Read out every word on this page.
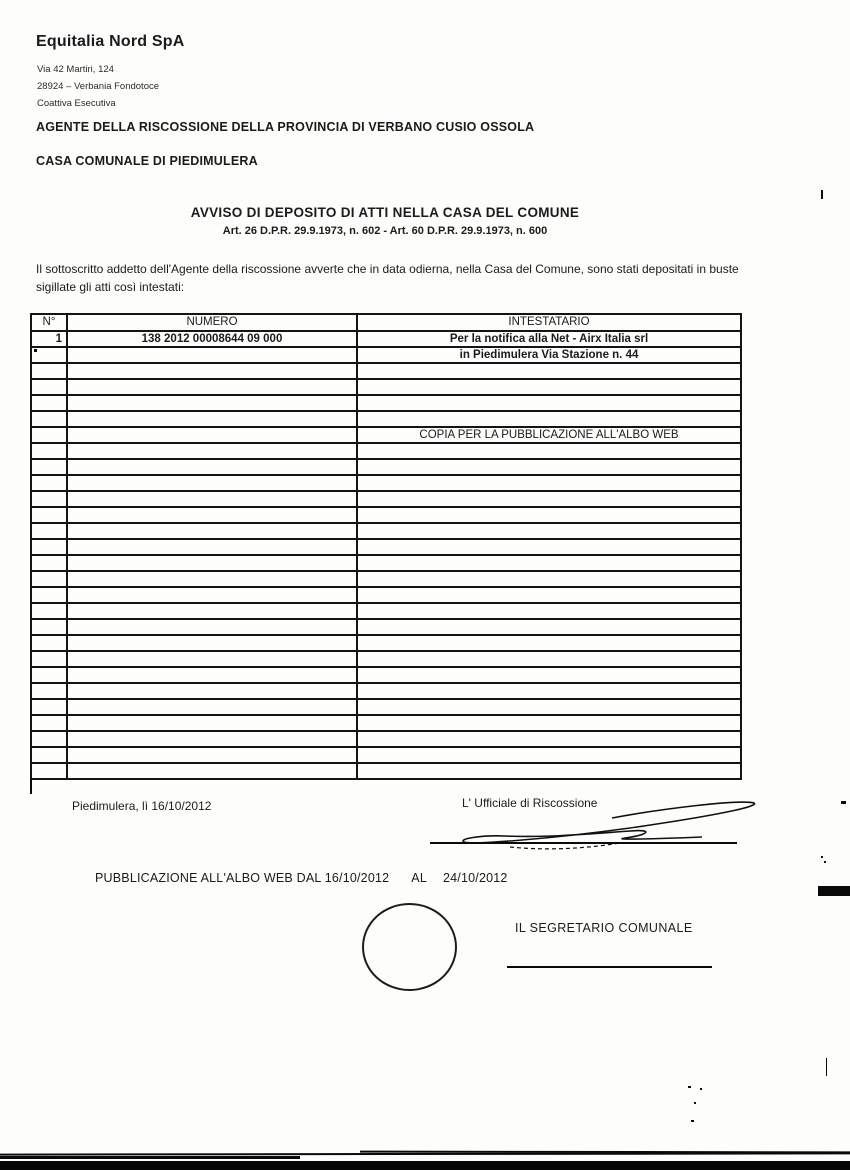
Equitalia Nord SpA
Via 42 Martiri, 124
28924 – Verbania Fondotoce
Coattiva Esecutiva
AGENTE DELLA RISCOSSIONE DELLA PROVINCIA DI VERBANO CUSIO OSSOLA
CASA COMUNALE DI PIEDIMULERA
AVVISO DI DEPOSITO DI ATTI NELLA CASA DEL COMUNE
Art. 26 D.P.R. 29.9.1973, n. 602 - Art. 60 D.P.R. 29.9.1973, n. 600
Il sottoscritto addetto dell'Agente della riscossione avverte che in data odierna, nella Casa del Comune, sono stati depositati in buste sigillate gli atti così intestati:
N°	NUMERO	INTESTATARIO
1	138 2012 00008644 09 000	Per la notifica alla Net - Airx Italia srl
		in Piedimulera Via Stazione n. 44

		COPIA PER LA PUBBLICAZIONE ALL'ALBO WEB

Piedimulera, lì 16/10/2012	L' Ufficiale di Riscossione
PUBBLICAZIONE ALL'ALBO WEB DAL 16/10/2012 AL 24/10/2012
IL SEGRETARIO COMUNALE
